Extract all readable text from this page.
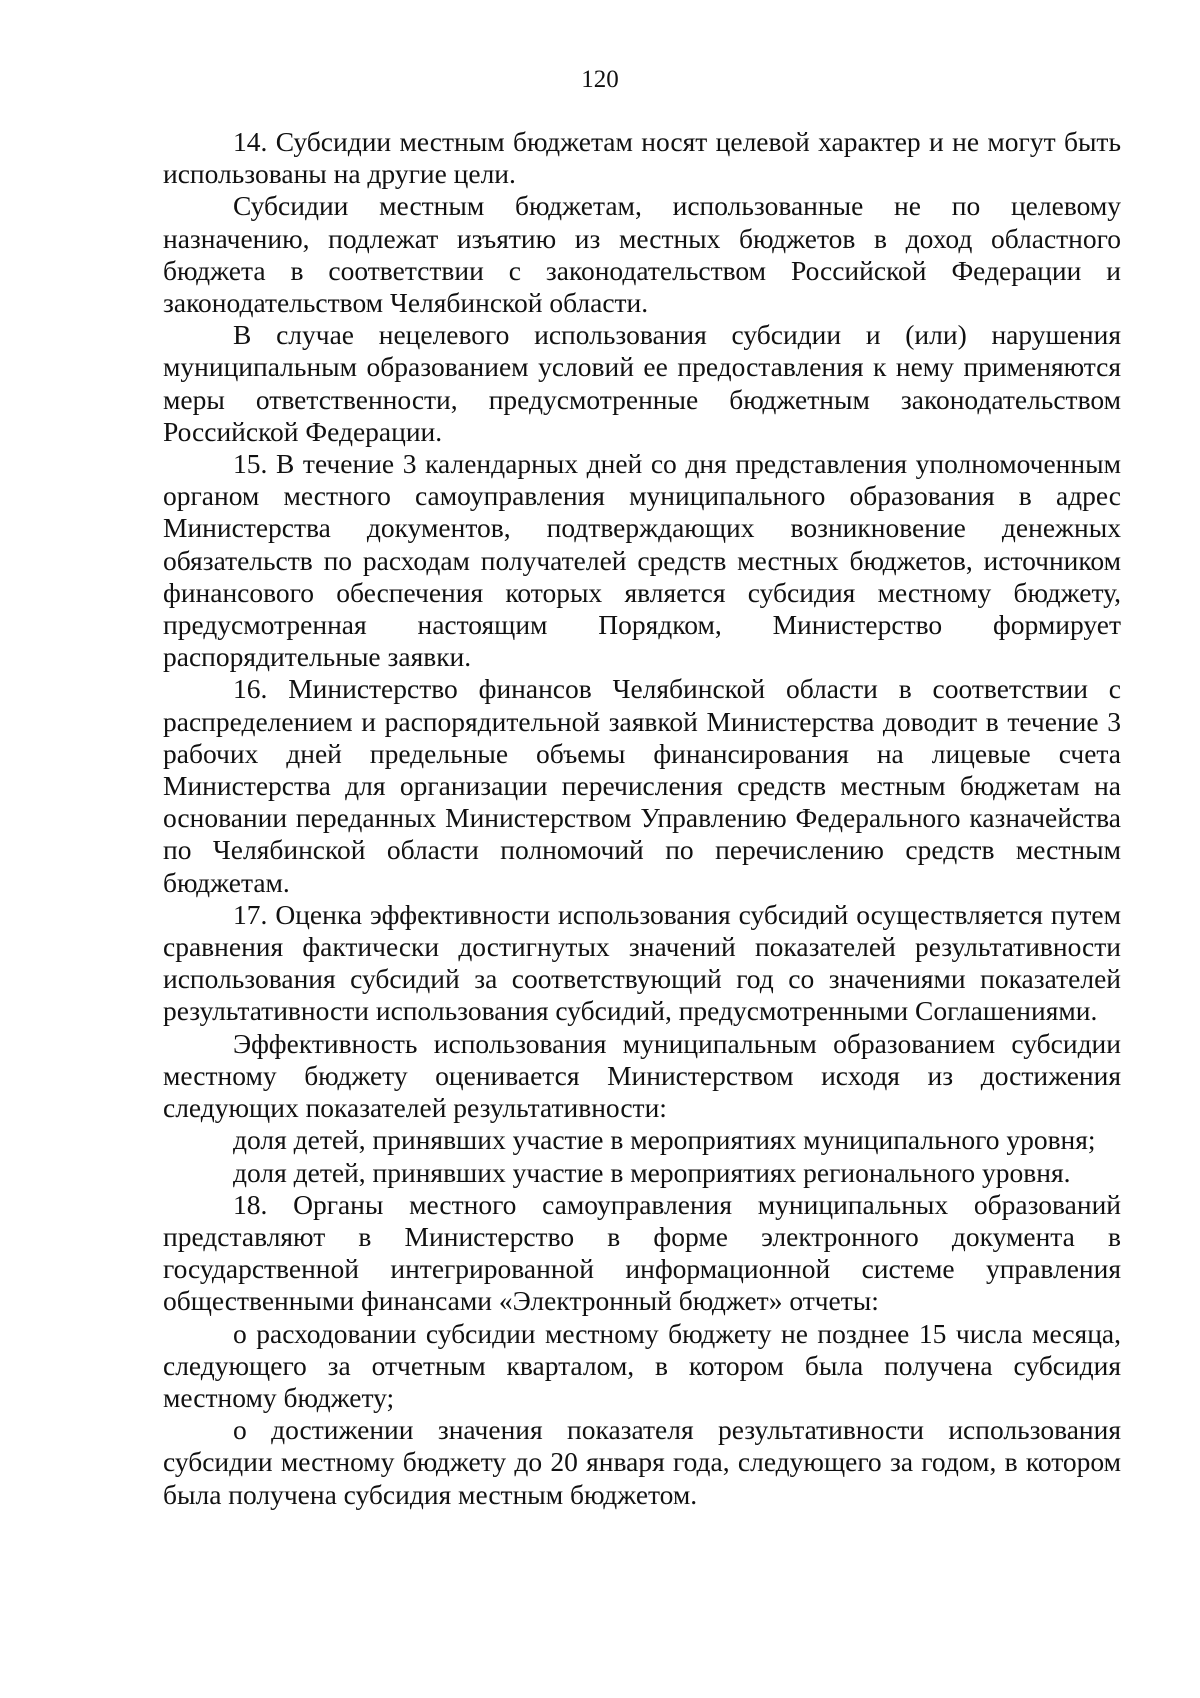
120

14. Субсидии местным бюджетам носят целевой характер и не могут быть использованы на другие цели.

Субсидии местным бюджетам, использованные не по целевому назначению, подлежат изъятию из местных бюджетов в доход областного бюджета в соответствии с законодательством Российской Федерации и законодательством Челябинской области.

В случае нецелевого использования субсидии и (или) нарушения муниципальным образованием условий ее предоставления к нему применяются меры ответственности, предусмотренные бюджетным законодательством Российской Федерации.

15. В течение 3 календарных дней со дня представления уполномоченным органом местного самоуправления муниципального образования в адрес Министерства документов, подтверждающих возникновение денежных обязательств по расходам получателей средств местных бюджетов, источником финансового обеспечения которых является субсидия местному бюджету, предусмотренная настоящим Порядком, Министерство формирует распорядительные заявки.

16. Министерство финансов Челябинской области в соответствии с распределением и распорядительной заявкой Министерства доводит в течение 3 рабочих дней предельные объемы финансирования на лицевые счета Министерства для организации перечисления средств местным бюджетам на основании переданных Министерством Управлению Федерального казначейства по Челябинской области полномочий по перечислению средств местным бюджетам.

17. Оценка эффективности использования субсидий осуществляется путем сравнения фактически достигнутых значений показателей результативности использования субсидий за соответствующий год со значениями показателей результативности использования субсидий, предусмотренными Соглашениями.

Эффективность использования муниципальным образованием субсидии местному бюджету оценивается Министерством исходя из достижения следующих показателей результативности:

доля детей, принявших участие в мероприятиях муниципального уровня;

доля детей, принявших участие в мероприятиях регионального уровня.

18. Органы местного самоуправления муниципальных образований представляют в Министерство в форме электронного документа в государственной интегрированной информационной системе управления общественными финансами «Электронный бюджет» отчеты:

о расходовании субсидии местному бюджету не позднее 15 числа месяца, следующего за отчетным кварталом, в котором была получена субсидия местному бюджету;

о достижении значения показателя результативности использования субсидии местному бюджету до 20 января года, следующего за годом, в котором была получена субсидия местным бюджетом.
